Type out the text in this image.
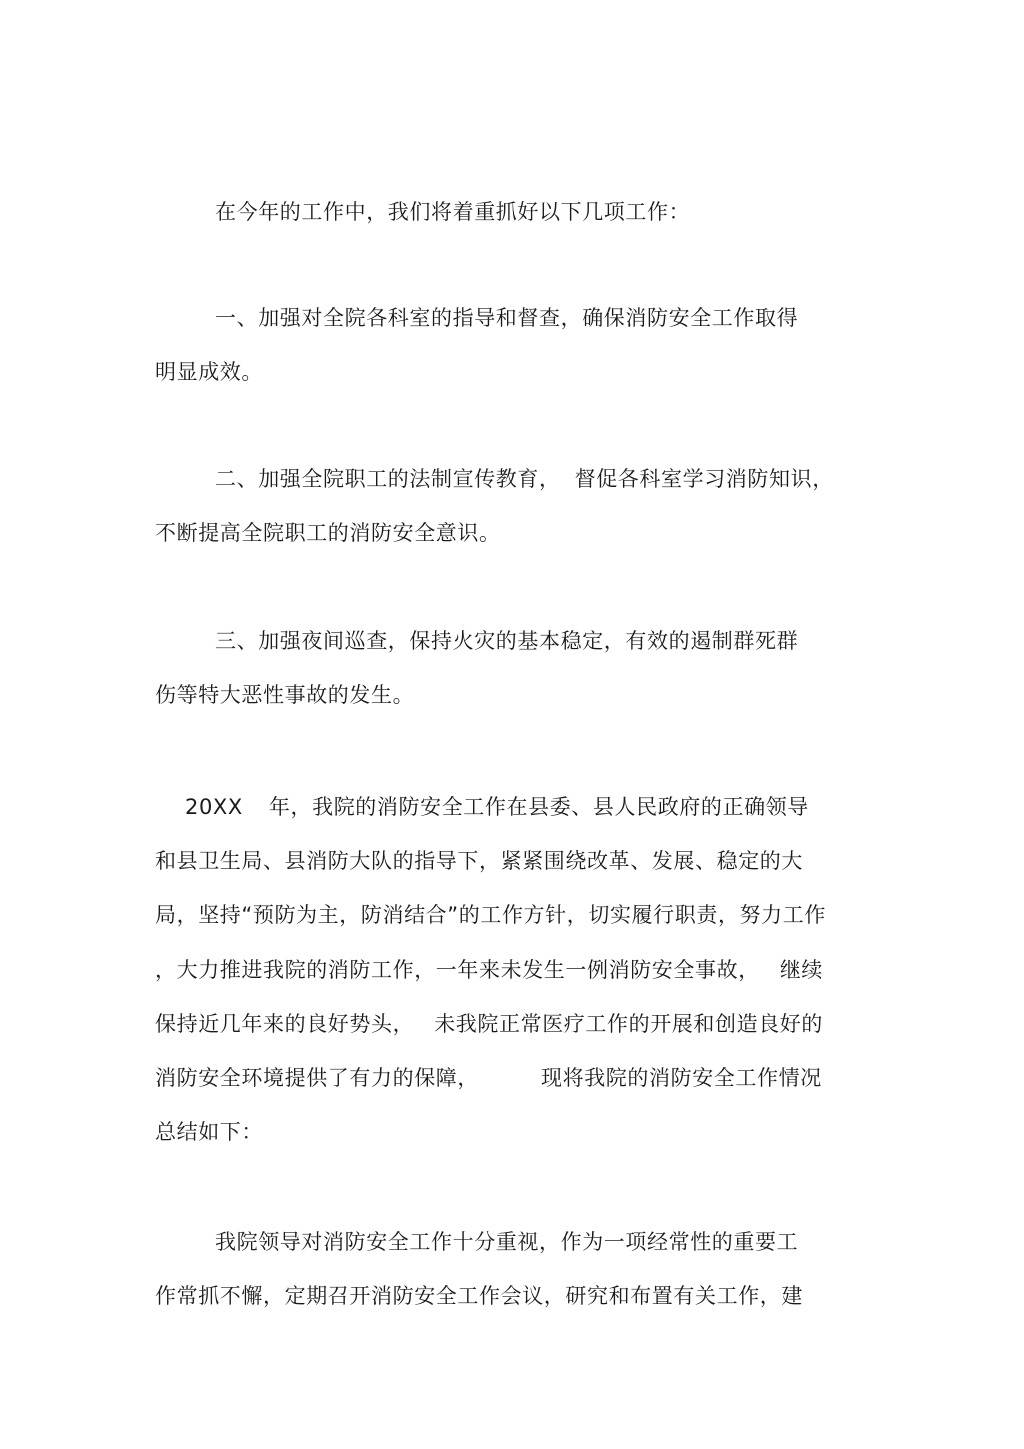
在今年的工作中，我们将着重抓好以下几项工作：
一、加强对全院各科室的指导和督查，确保消防安全工作取得
明显成效。
二、加强全院职工的法制宣传教育， 督促各科室学习消防知识，
不断提高全院职工的消防安全意识。
三、加强夜间巡查，保持火灾的基本稳定，有效的遏制群死群
伤等特大恶性事故的发生。
20XX 年，我院的消防安全工作在县委、县人民政府的正确领导
和县卫生局、县消防大队的指导下，紧紧围绕改革、发展、稳定的大
局，坚持“预防为主，防消结合”的工作方针，切实履行职责，努力工作
，大力推进我院的消防工作，一年来未发生一例消防安全事故， 继续
保持近几年来的良好势头， 未我院正常医疗工作的开展和创造良好的
消防安全环境提供了有力的保障，	现将我院的消防安全工作情况
总结如下：
我院领导对消防安全工作十分重视，作为一项经常性的重要工
作常抓不懈，定期召开消防安全工作会议，研究和布置有关工作，建
